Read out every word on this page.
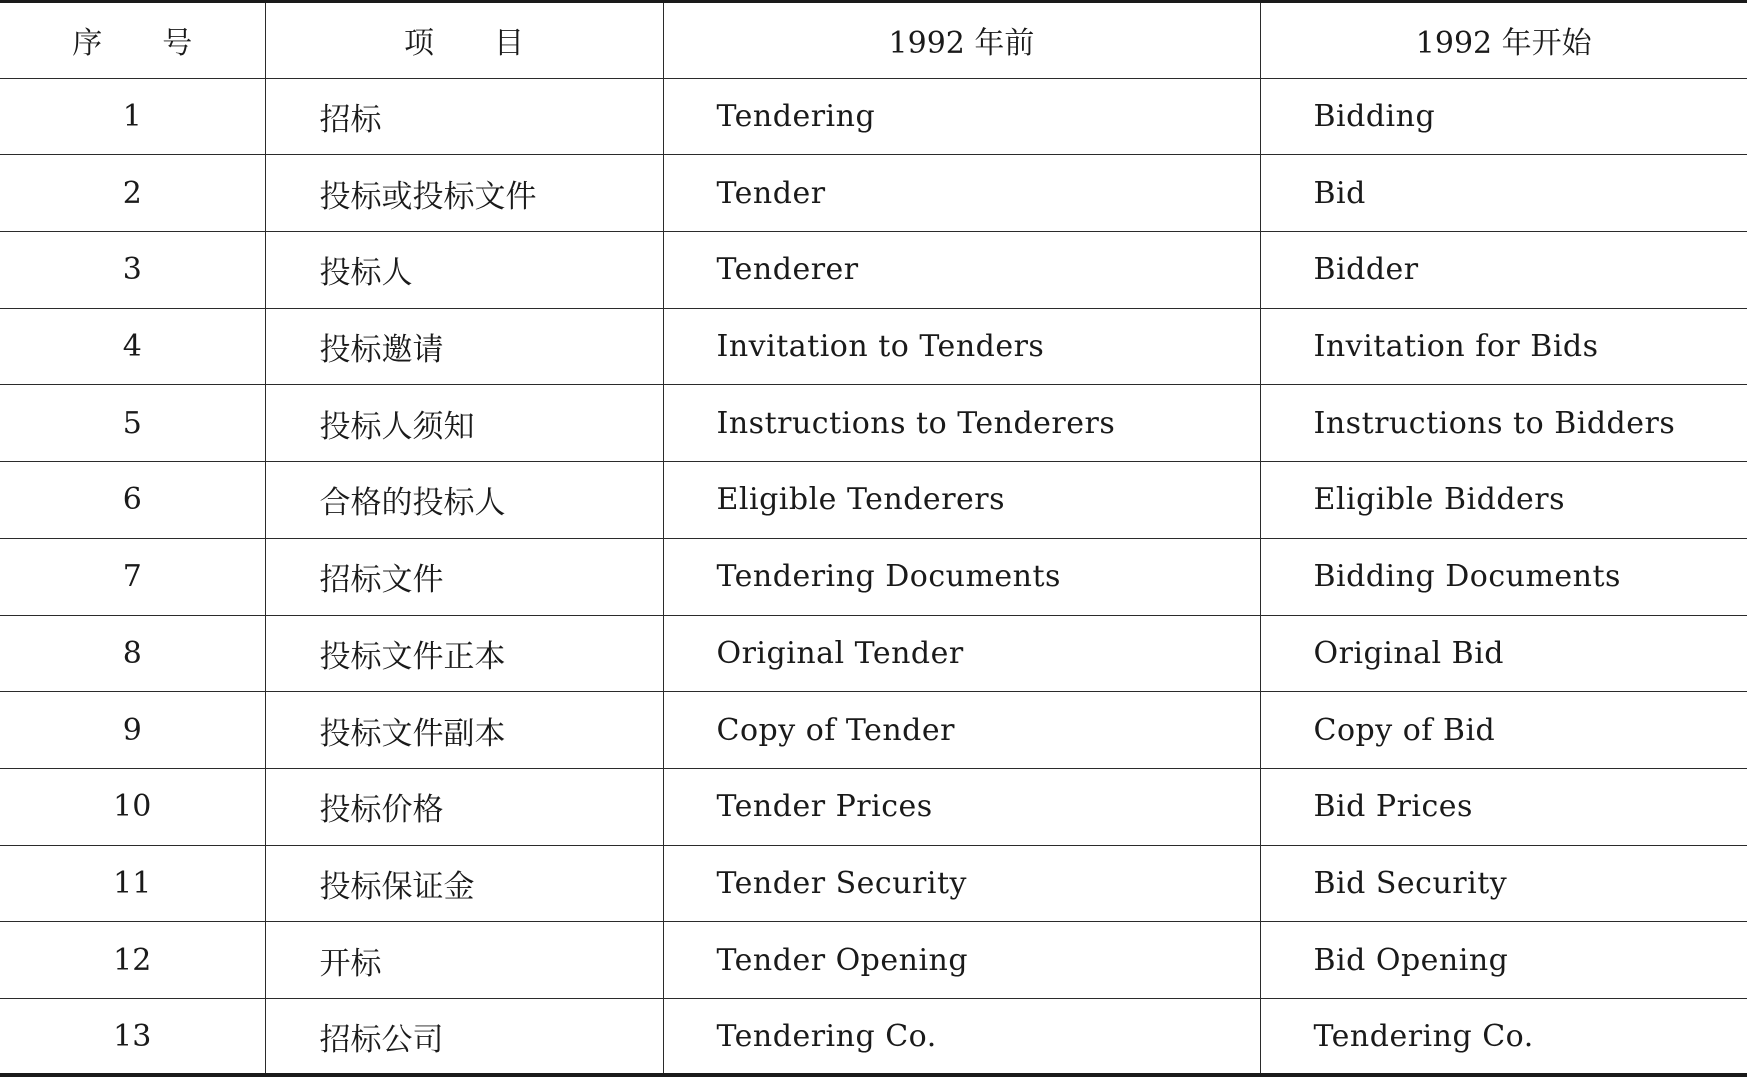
序　　号	项　　目	1992 年前	1992 年开始
1	招标	Tendering	Bidding
2	投标或投标文件	Tender	Bid
3	投标人	Tenderer	Bidder
4	投标邀请	Invitation to Tenders	Invitation for Bids
5	投标人须知	Instructions to Tenderers	Instructions to Bidders
6	合格的投标人	Eligible Tenderers	Eligible Bidders
7	招标文件	Tendering Documents	Bidding Documents
8	投标文件正本	Original Tender	Original Bid
9	投标文件副本	Copy of Tender	Copy of Bid
10	投标价格	Tender Prices	Bid Prices
11	投标保证金	Tender Security	Bid Security
12	开标	Tender Opening	Bid Opening
13	招标公司	Tendering Co.	Tendering Co.
